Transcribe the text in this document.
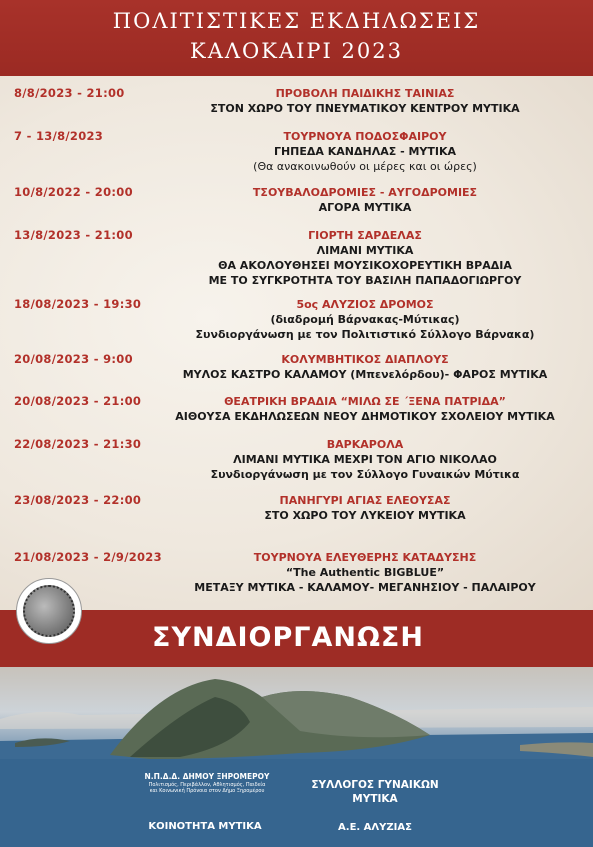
ΠΟΛΙΤΙΣΤΙΚΕΣ ΕΚΔΗΛΩΣΕΙΣ
ΚΑΛΟΚΑΙΡΙ 2023
8/8/2023 - 21:00	ΠΡΟΒΟΛΗ ΠΑΙΔΙΚΗΣ ΤΑΙΝΙΑΣ
ΣΤΟΝ ΧΩΡΟ ΤΟΥ ΠΝΕΥΜΑΤΙΚΟΥ ΚΕΝΤΡΟΥ ΜΥΤΙΚΑ
7 - 13/8/2023	ΤΟΥΡΝΟΥΑ ΠΟΔΟΣΦΑΙΡΟΥ
ΓΗΠΕΔΑ ΚΑΝΔΗΛΑΣ - ΜΥΤΙΚΑ
(Θα ανακοινωθούν οι μέρες και οι ώρες)
10/8/2022 - 20:00	ΤΣΟΥΒΑΛΟΔΡΟΜΙΕΣ - ΑΥΓΟΔΡΟΜΙΕΣ
ΑΓΟΡΑ ΜΥΤΙΚΑ
13/8/2023 - 21:00	ΓΙΟΡΤΗ ΣΑΡΔΕΛΑΣ
ΛΙΜΑΝΙ ΜΥΤΙΚΑ
ΘΑ ΑΚΟΛΟΥΘΗΣΕΙ ΜΟΥΣΙΚΟΧΟΡΕΥΤΙΚΗ ΒΡΑΔΙΑ
ΜΕ ΤΟ ΣΥΓΚΡΟΤΗΤΑ ΤΟΥ ΒΑΣΙΛΗ ΠΑΠΑΔΟΓΙΩΡΓΟΥ
18/08/2023 - 19:30	5ος ΑΛΥΖΙΟΣ ΔΡΟΜΟΣ
(διαδρομή Βάρνακας-Μύτικας)
Συνδιοργάνωση με τον Πολιτιστικό Σύλλογο Βάρνακα)
20/08/2023 - 9:00	ΚΟΛΥΜΒΗΤΙΚΟΣ ΔΙΑΠΛΟΥΣ
ΜΥΛΟΣ ΚΑΣΤΡΟ ΚΑΛΑΜΟΥ (Μπενελόρδου)- ΦΑΡΟΣ ΜΥΤΙΚΑ
20/08/2023 - 21:00	ΘΕΑΤΡΙΚΗ ΒΡΑΔΙΑ “ΜΙΛΩ ΣΕ ΄ΞΕΝΑ ΠΑΤΡΙΔΑ”
ΑΙΘΟΥΣΑ ΕΚΔΗΛΩΣΕΩΝ ΝΕΟΥ ΔΗΜΟΤΙΚΟΥ ΣΧΟΛΕΙΟΥ ΜΥΤΙΚΑ
22/08/2023 - 21:30	ΒΑΡΚΑΡΟΛΑ
ΛΙΜΑΝΙ ΜΥΤΙΚΑ ΜΕΧΡΙ ΤΟΝ ΑΓΙΟ ΝΙΚΟΛΑΟ
Συνδιοργάνωση με τον Σύλλογο Γυναικών Μύτικα
23/08/2023 - 22:00	ΠΑΝΗΓΥΡΙ ΑΓΙΑΣ ΕΛΕΟΥΣΑΣ
ΣΤΟ ΧΩΡΟ ΤΟΥ ΛΥΚΕΙΟΥ ΜΥΤΙΚΑ
21/08/2023 - 2/9/2023	ΤΟΥΡΝΟΥΑ ΕΛΕΥΘΕΡΗΣ ΚΑΤΑΔΥΣΗΣ
“The Authentic BIGBLUE”
ΜΕΤΑΞΥ ΜΥΤΙΚΑ - ΚΑΛΑΜΟΥ- ΜΕΓΑΝΗΣΙΟΥ - ΠΑΛΑΙΡΟΥ
ΣΥΝΔΙΟΡΓΑΝΩΣΗ
Ν.Π.Δ.Δ. ΔΗΜΟΥ ΞΗΡΟΜΕΡΟΥ
Πολιτισμός, Περιβάλλον, Αθλητισμός, Παιδεία
και Κοινωνική Πρόνοια στον Δήμο Ξηρομέρου	ΣΥΛΛΟΓΟΣ ΓΥΝΑΙΚΩΝ
ΜΥΤΙΚΑ
ΚΟΙΝΟΤΗΤΑ ΜΥΤΙΚΑ	Α.Ε. ΑΛΥΖΙΑΣ
